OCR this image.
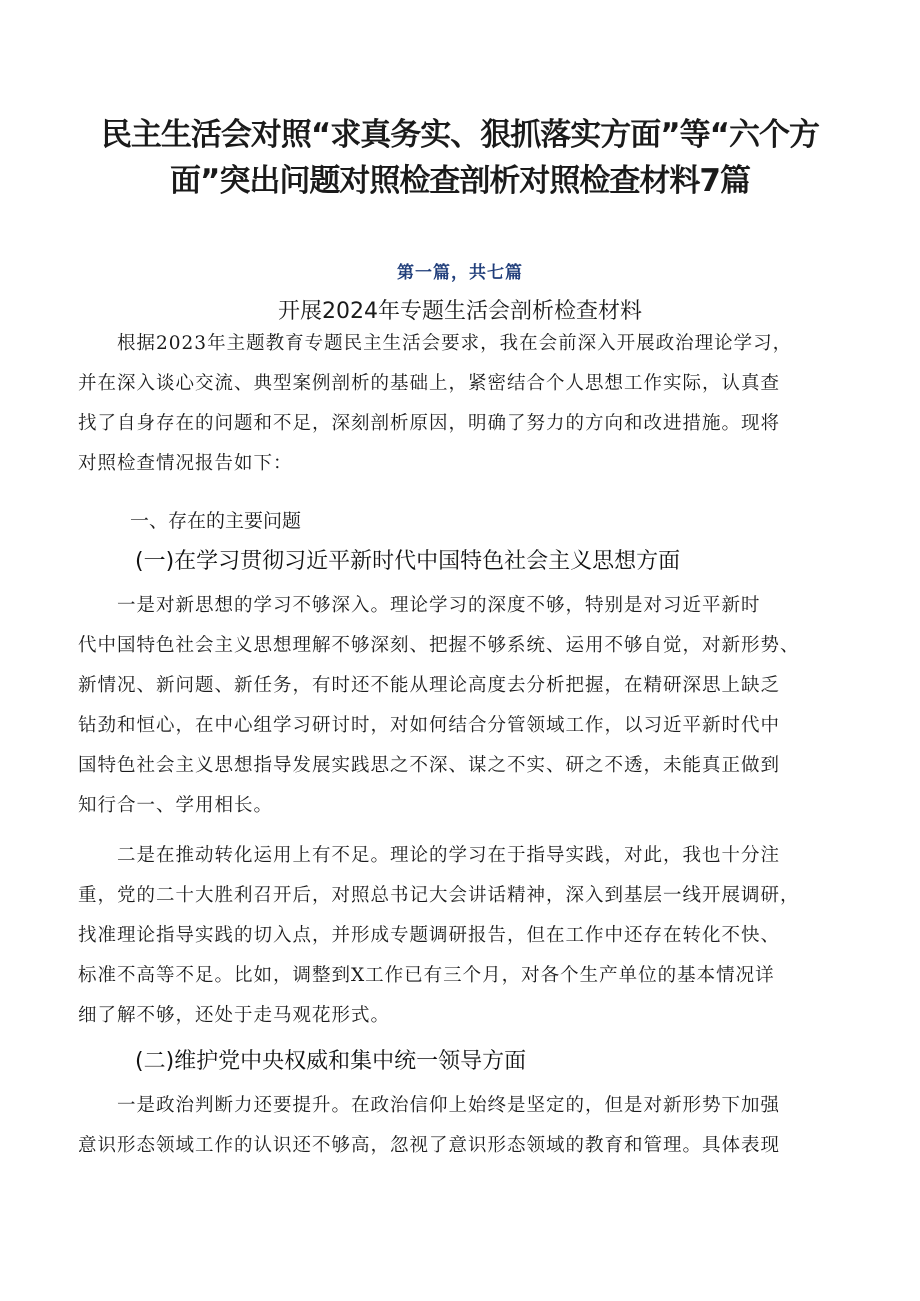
民主生活会对照“求真务实、狠抓落实方面”等“六个方
面”突出问题对照检查剖析对照检查材料7篇
第一篇，共七篇
开展2024年专题生活会剖析检查材料
　　根据2023年主题教育专题民主生活会要求，我在会前深入开展政治理论学习，
并在深入谈心交流、典型案例剖析的基础上，紧密结合个人思想工作实际，认真查
找了自身存在的问题和不足，深刻剖析原因，明确了努力的方向和改进措施。现将
对照检查情况报告如下：
一、存在的主要问题
(一)在学习贯彻习近平新时代中国特色社会主义思想方面
　　一是对新思想的学习不够深入。理论学习的深度不够，特别是对习近平新时
代中国特色社会主义思想理解不够深刻、把握不够系统、运用不够自觉，对新形势、
新情况、新问题、新任务，有时还不能从理论高度去分析把握，在精研深思上缺乏
钻劲和恒心，在中心组学习研讨时，对如何结合分管领域工作，以习近平新时代中
国特色社会主义思想指导发展实践思之不深、谋之不实、研之不透，未能真正做到
知行合一、学用相长。
　　二是在推动转化运用上有不足。理论的学习在于指导实践，对此，我也十分注
重，党的二十大胜利召开后，对照总书记大会讲话精神，深入到基层一线开展调研，
找准理论指导实践的切入点，并形成专题调研报告，但在工作中还存在转化不快、
标准不高等不足。比如，调整到X工作已有三个月，对各个生产单位的基本情况详
细了解不够，还处于走马观花形式。
(二)维护党中央权威和集中统一领导方面
　　一是政治判断力还要提升。在政治信仰上始终是坚定的，但是对新形势下加强
意识形态领域工作的认识还不够高，忽视了意识形态领域的教育和管理。具体表现
